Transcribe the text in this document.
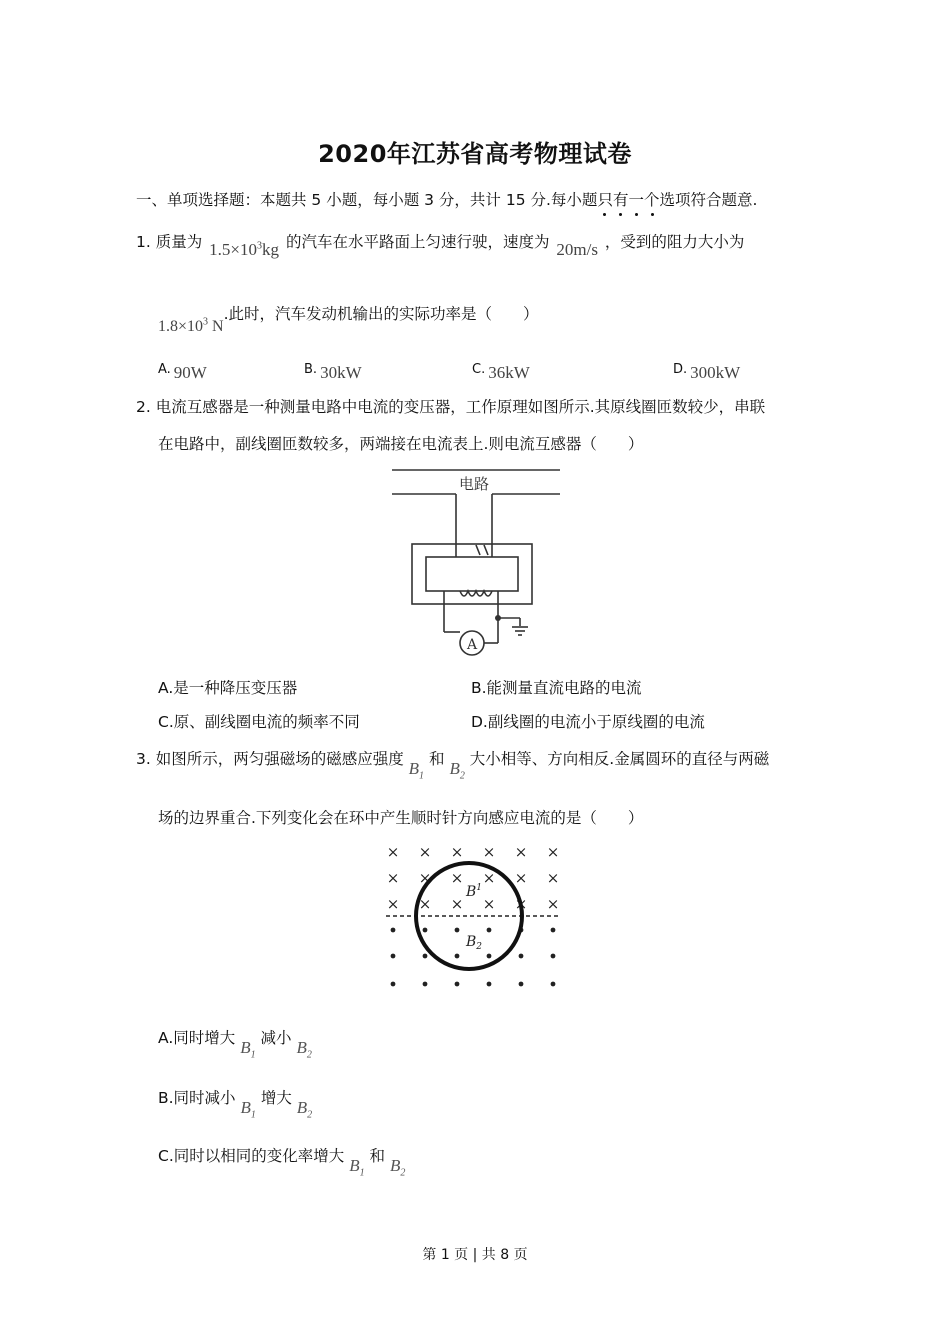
2020年江苏省高考物理试卷
一、单项选择题：本题共 5 小题，每小题 3 分，共计 15 分.每小题只有一个
选项符合题意.
1. 质量为 $1.5\times 10^3kg$ 的汽车在水平路面上匀速行驶，速度为 20m/s ，受到的阻力大小为
$1.8\times 10^3$ N.此时，汽车发动机输出的实际功率是（　　）
A. 90W	B. 30kW	C. 36kW	D. 300kW
2. 电流互感器是一种测量电路中电流的变压器，工作原理如图所示.其原线圈匝数较少，串联
在电路中，副线圈匝数较多，两端接在电流表上.则电流互感器（　　）
电路
A
A.是一种降压变压器	B.能测量直流电路的电流
C.原、副线圈电流的频率不同	D.副线圈的电流小于原线圈的电流
3. 如图所示，两匀强磁场的磁感应强度 $B_1$ 和 $B_2$ 大小相等、方向相反.金属圆环的直径与两磁
场的边界重合.下列变化会在环中产生顺时针方向感应电流的是（　　）
× × × × × ×
× × × × × ×
× × × × × ×
$B^1$
$B_2$
A.同时增大 $B_1$ 减小 $B_2$
B.同时减小 $B_1$ 增大 $B_2$
C.同时以相同的变化率增大 $B_1$ 和 $B_2$
第 1 页 | 共 8 页
